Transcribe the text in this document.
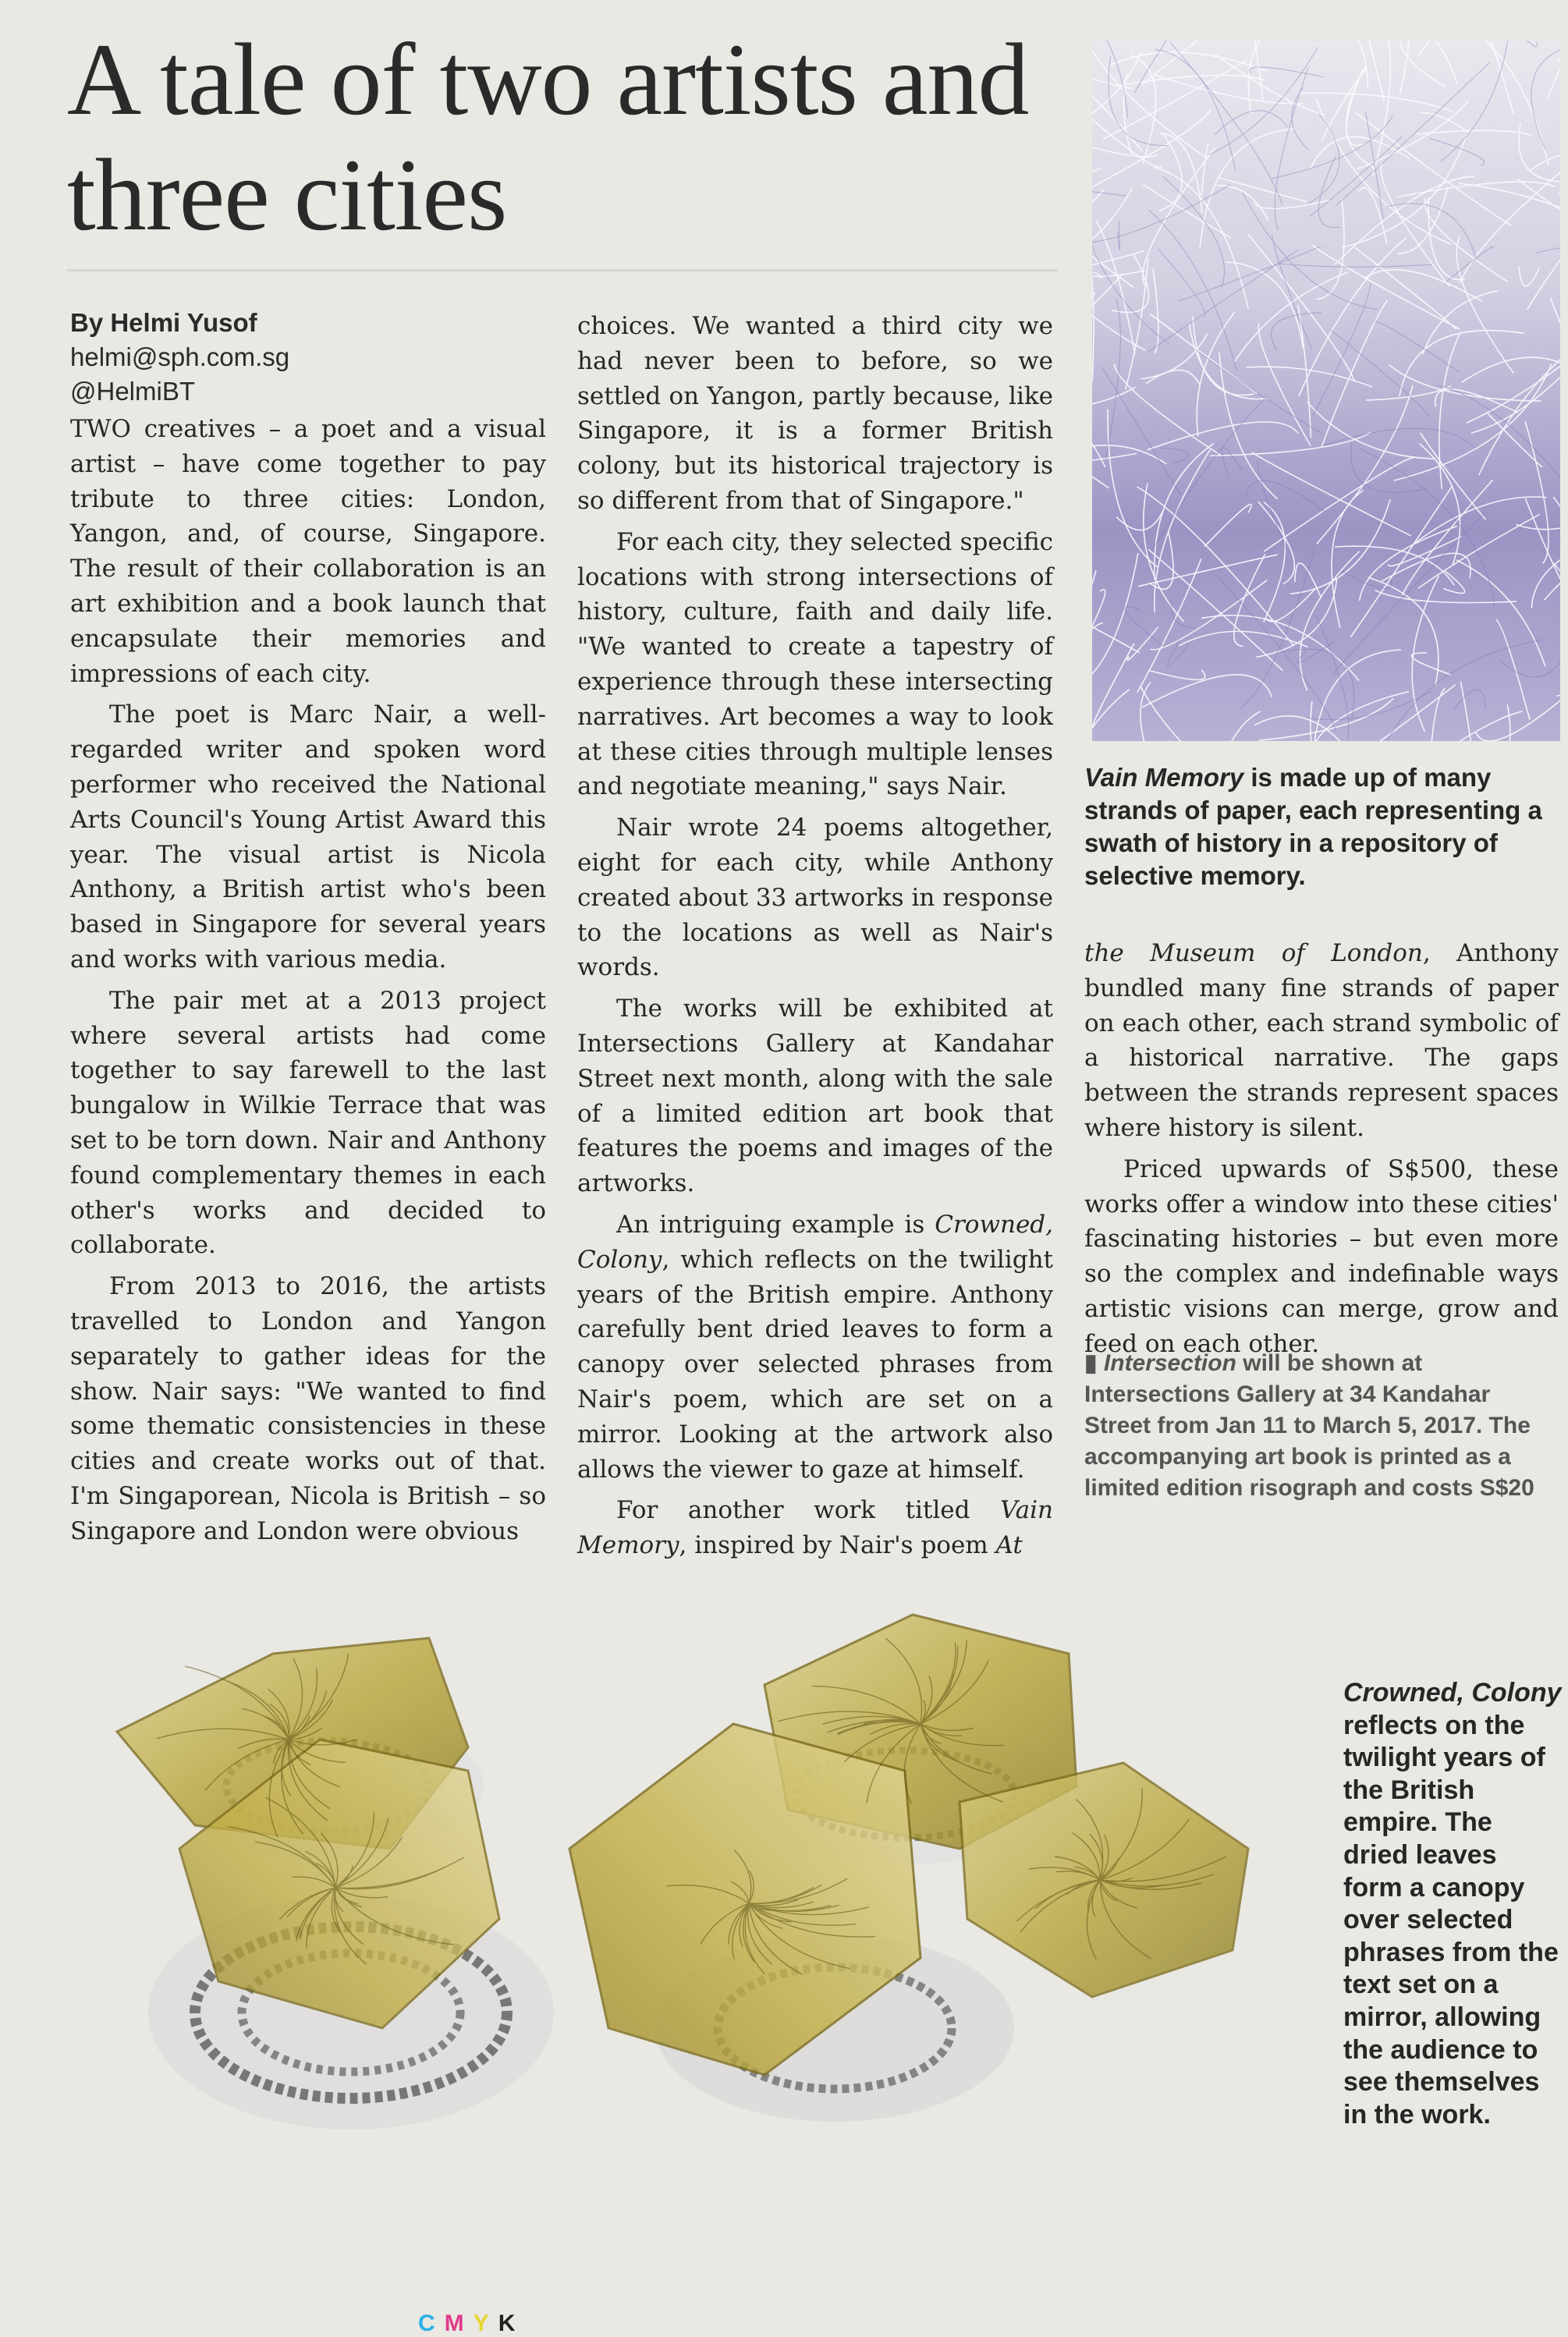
A tale of two artists and three cities
By Helmi Yusof
helmi@sph.com.sg
@HelmiBT

TWO creatives – a poet and a visual artist – have come together to pay tribute to three cities: London, Yangon, and, of course, Singapore. The result of their collaboration is an art exhibition and a book launch that encapsulate their memories and impressions of each city.

The poet is Marc Nair, a well-regarded writer and spoken word performer who received the National Arts Council's Young Artist Award this year. The visual artist is Nicola Anthony, a British artist who's been based in Singapore for several years and works with various media.

The pair met at a 2013 project where several artists had come together to say farewell to the last bungalow in Wilkie Terrace that was set to be torn down. Nair and Anthony found complementary themes in each other's works and decided to collaborate.

From 2013 to 2016, the artists travelled to London and Yangon separately to gather ideas for the show. Nair says: "We wanted to find some thematic consistencies in these cities and create works out of that. I'm Singaporean, Nicola is British – so Singapore and London were obvious

choices. We wanted a third city we had never been to before, so we settled on Yangon, partly because, like Singapore, it is a former British colony, but its historical trajectory is so different from that of Singapore."

For each city, they selected specific locations with strong intersections of history, culture, faith and daily life. "We wanted to create a tapestry of experience through these intersecting narratives. Art becomes a way to look at these cities through multiple lenses and negotiate meaning," says Nair.

Nair wrote 24 poems altogether, eight for each city, while Anthony created about 33 artworks in response to the locations as well as Nair's words.

The works will be exhibited at Intersections Gallery at Kandahar Street next month, along with the sale of a limited edition art book that features the poems and images of the artworks.

An intriguing example is Crowned, Colony, which reflects on the twilight years of the British empire. Anthony carefully bent dried leaves to form a canopy over selected phrases from Nair's poem, which are set on a mirror. Looking at the artwork also allows the viewer to gaze at himself.

For another work titled Vain Memory, inspired by Nair's poem At

Vain Memory is made up of many strands of paper, each representing a swath of history in a repository of selective memory.

the Museum of London, Anthony bundled many fine strands of paper on each other, each strand symbolic of a historical narrative. The gaps between the strands represent spaces where history is silent.

Priced upwards of S$500, these works offer a window into these cities' fascinating histories – but even more so the complex and indefinable ways artistic visions can merge, grow and feed on each other.

▮ Intersection will be shown at Intersections Gallery at 34 Kandahar Street from Jan 11 to March 5, 2017. The accompanying art book is printed as a limited edition risograph and costs S$20
Crowned, Colony reflects on the twilight years of the British empire. The dried leaves form a canopy over selected phrases from the text set on a mirror, allowing the audience to see themselves in the work.
CMYK
